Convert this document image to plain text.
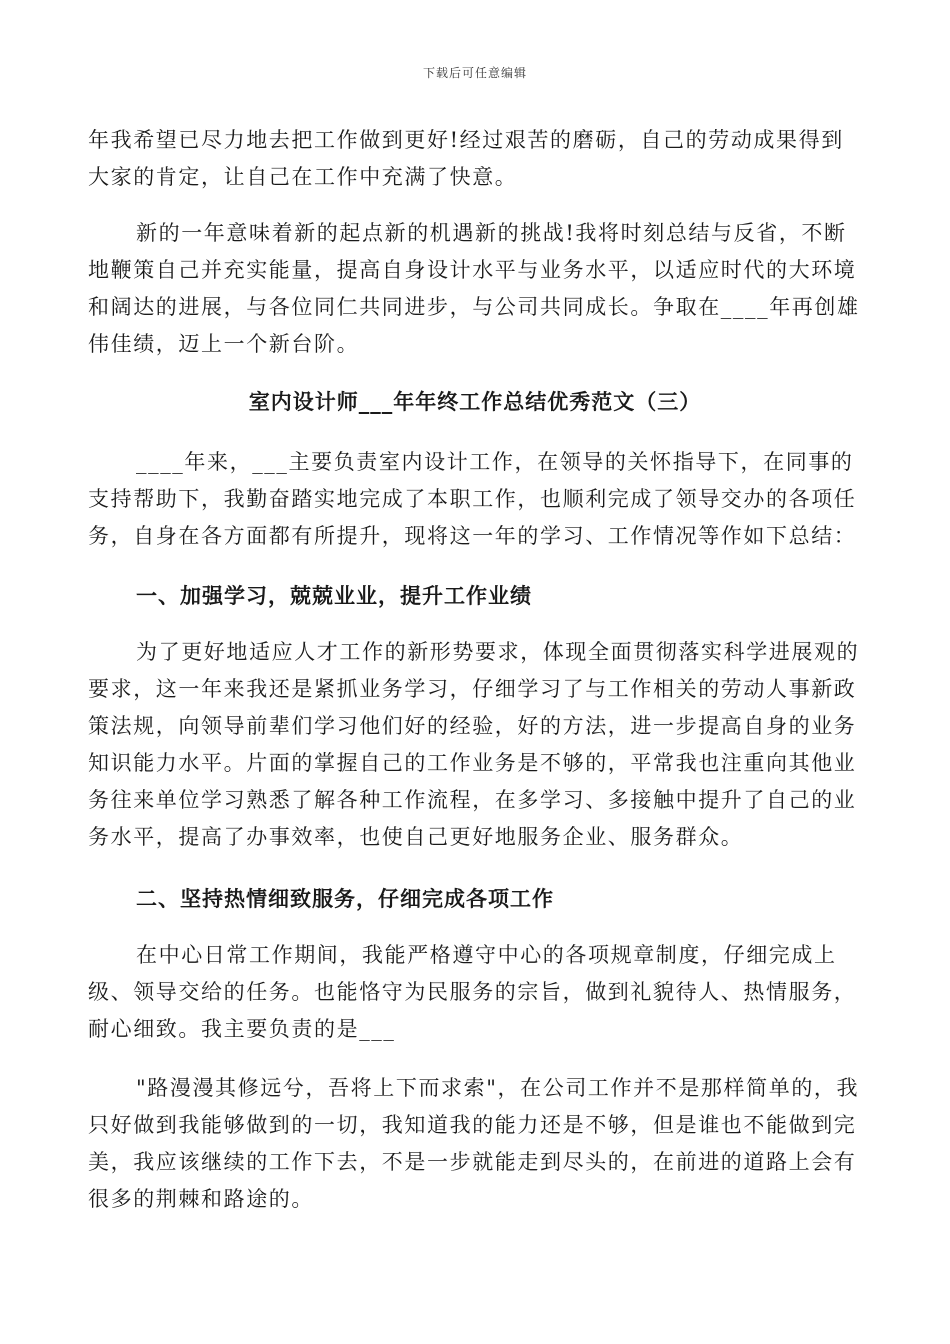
下载后可任意编辑

年我希望已尽力地去把工作做到更好!经过艰苦的磨砺，自己的劳动成果得到大家的肯定，让自己在工作中充满了快意。

新的一年意味着新的起点新的机遇新的挑战!我将时刻总结与反省，不断地鞭策自己并充实能量，提高自身设计水平与业务水平，以适应时代的大环境和阔达的进展，与各位同仁共同进步，与公司共同成长。争取在____年再创雄伟佳绩，迈上一个新台阶。

室内设计师___年年终工作总结优秀范文（三）

____年来，___主要负责室内设计工作，在领导的关怀指导下，在同事的支持帮助下，我勤奋踏实地完成了本职工作，也顺利完成了领导交办的各项任务，自身在各方面都有所提升，现将这一年的学习、工作情况等作如下总结：

一、加强学习，兢兢业业，提升工作业绩

为了更好地适应人才工作的新形势要求，体现全面贯彻落实科学进展观的要求，这一年来我还是紧抓业务学习，仔细学习了与工作相关的劳动人事新政策法规，向领导前辈们学习他们好的经验，好的方法，进一步提高自身的业务知识能力水平。片面的掌握自己的工作业务是不够的，平常我也注重向其他业务往来单位学习熟悉了解各种工作流程，在多学习、多接触中提升了自己的业务水平，提高了办事效率，也使自己更好地服务企业、服务群众。

二、坚持热情细致服务，仔细完成各项工作

在中心日常工作期间，我能严格遵守中心的各项规章制度，仔细完成上级、领导交给的任务。也能恪守为民服务的宗旨，做到礼貌待人、热情服务，耐心细致。我主要负责的是___

"路漫漫其修远兮，吾将上下而求索"，在公司工作并不是那样简单的，我只好做到我能够做到的一切，我知道我的能力还是不够，但是谁也不能做到完美，我应该继续的工作下去，不是一步就能走到尽头的，在前进的道路上会有很多的荆棘和路途的。
